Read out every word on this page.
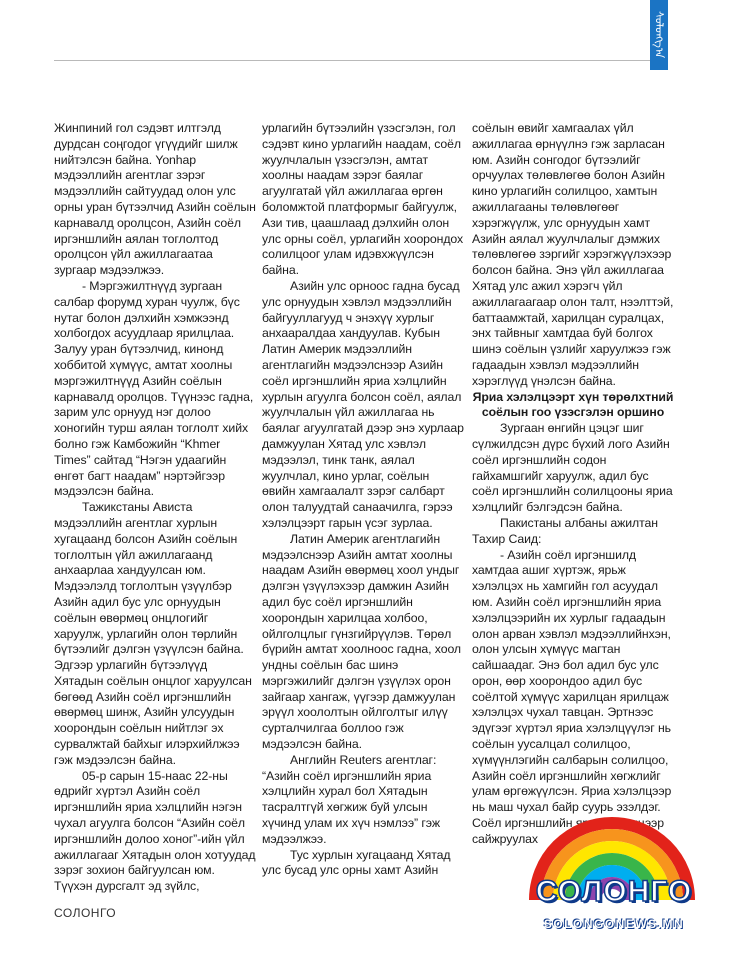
ᠰᠣᠯᠣᠩᠭ᠎ᠠ

Жинпиний гол сэдэвт илтгэлд дурдсан соңгодог үгүүдийг шилж нийтэлсэн байна. Yonhap мэдээллийн агентлаг зэрэг мэдээллийн сайтуудад олон улс орны уран бүтээлчид Азийн соёлын карнавалд оролцсон, Азийн соёл иргэншлийн аялан тоглолтод оролцсон үйл ажиллагаатаа зургаар мэдээлжээ.

- Мэргэжилтнүүд зургаан салбар форумд хуран чуулж, бүс нутаг болон дэлхийн хэмжээнд холбогдох асуудлаар ярилцлаа. Залуу уран бүтээлчид, кинонд хоббитой хүмүүс, амтат хоолны мэргэжилтнүүд Азийн соёлын карнавалд оролцов. Түүнээс гадна, зарим улс орнууд нэг долоо хоногийн турш аялан тоглолт хийх болно гэж Камбожийн “Khmer Times” сайтад “Нэгэн удаагийн өнгөт багт наадам” нэртэйгээр мэдээлсэн байна.

Тажикстаны Ависта мэдээллийн агентлаг хурлын хугацаанд болсон Азийн соёлын тоглолтын үйл ажиллагаанд анхаарлаа хандуулсан юм. Мэдээлэлд тоглолтын үзүүлбэр Азийн адил бус улс орнуудын соёлын өвөрмөц онцлогийг харуулж, урлагийн олон төрлийн бүтээлийг дэлгэн үзүүлсэн байна. Эдгээр урлагийн бүтээлүүд Хятадын соёлын онцлог харуулсан бөгөөд Азийн соёл иргэншлийн өвөрмөц шинж, Азийн улсуудын хоорондын соёлын нийтлэг эх сурвалжтай байхыг илэрхийлжээ гэж мэдээлсэн байна.

05-р сарын 15-наас 22-ны өдрийг хүртэл Азийн соёл иргэншлийн яриа хэлцлийн нэгэн чухал агуулга болсон “Азийн соёл иргэншлийн долоо хоног”-ийн үйл ажиллагааг Хятадын олон хотуудад зэрэг зохион байгуулсан юм. Түүхэн дурсгалт эд зүйлс,

урлагийн бүтээлийн үзэсгэлэн, гол сэдэвт кино урлагийн наадам, соёл жуулчлалын үзэсгэлэн, амтат хоолны наадам зэрэг баялаг агуулгатай үйл ажиллагаа өргөн боломжтой платформыг байгуулж, Ази тив, цаашлаад дэлхийн олон улс орны соёл, урлагийн хоорондох солилцоог улам идэвхжүүлсэн байна.

Азийн улс орноос гадна бусад улс орнуудын хэвлэл мэдээллийн байгууллагууд ч энэхүү хурлыг анхааралдаа хандуулав. Кубын Латин Америк мэдээллийн агентлагийн мэдээлснээр Азийн соёл иргэншлийн яриа хэлцлийн хурлын агуулга болсон соёл, аялал жуулчлалын үйл ажиллагаа нь баялаг агуулгатай дээр энэ хурлаар дамжуулан Хятад улс хэвлэл мэдээлэл, тинк танк, аялал жуулчлал, кино урлаг, соёлын өвийн хамгаалалт зэрэг салбарт олон талуудтай санаачилга, гэрээ хэлэлцээрт гарын үсэг зурлаа.

Латин Америк агентлагийн мэдээлснээр Азийн амтат хоолны наадам Азийн өвөрмөц хоол ундыг дэлгэн үзүүлэхээр дамжин Азийн адил бус соёл иргэншлийн хоорондын харилцаа холбоо, ойлголцлыг гүнзгийрүүлэв. Төрөл бүрийн амтат хоолноос гадна, хоол ундны соёлын бас шинэ мэргэжилийг дэлгэн үзүүлэх орон зайгаар хангаж, үүгээр дамжуулан эрүүл хоололтын ойлголтыг илүү сурталчилгаа боллоо гэж мэдээлсэн байна.

Английн Reuters агентлаг: “Азийн соёл иргэншлийн яриа хэлцлийн хурал бол Хятадын тасралтгүй хөгжиж буй улсын хүчинд улам их хүч нэмлээ” гэж мэдээлжээ.

Тус хурлын хугацаанд Хятад улс бусад улс орны хамт Азийн

соёлын өвийг хамгаалах үйл ажиллагаа өрнүүлнэ гэж зарласан юм. Азийн сонгодог бүтээлийг орчуулах төлөвлөгөө болон Азийн кино урлагийн солилцоо, хамтын ажиллагааны төлөвлөгөөг хэрэгжүүлж, улс орнуудын хамт Азийн аялал жуулчлалыг дэмжих төлөвлөгөө зэргийг хэрэгжүүлэхээр болсон байна. Энэ үйл ажиллагаа Хятад улс ажил хэрэгч үйл ажиллагаагаар олон талт, нээлттэй, баттаамжтай, харилцан суралцах, энх тайвныг хамтдаа буй болгох шинэ соёлын үзлийг харуулжээ гэж гадаадын хэвлэл мэдээллийн хэрэглүүд үнэлсэн байна.

Яриа хэлэлцээрт хүн төрөлхтний соёлын гоо үзэсгэлэн оршино

Зургаан өнгийн цэцэг шиг сүлжилдсэн дүрс бүхий лого Азийн соёл иргэншлийн содон гайхамшгийг харуулж, адил бус соёл иргэншлийн солилцооны яриа хэлцлийг бэлгэдсэн байна.

Пакистаны албаны ажилтан Тахир Саид:

- Азийн соёл иргэншилд хамтдаа ашиг хүртэж, ярьж хэлэлцэх нь хамгийн гол асуудал юм. Азийн соёл иргэншлийн яриа хэлэлцээрийн их хурлыг гадаадын олон арван хэвлэл мэдээллийнхэн, олон улсын хүмүүс магтан сайшаадаг. Энэ бол адил бус улс орон, өөр хоорондоо адил бус соёлтой хүмүүс харилцан ярилцаж хэлэлцэх чухал тавцан. Эртнээс эдүгээг хүртэл яриа хэлэлцүүлэг нь соёлын уусалцал солилцоо, хүмүүнлэгийн салбарын солилцоо, Азийн соёл иргэншлийн хөгжлийг улам өргөжүүлсэн. Яриа хэлэлцээр нь маш чухал байр суурь эзэлдэг. Соёл иргэншлийн яриа хэлэлцээр сайжруулах

СОЛОНГО
СОЛОНГО
SOLONGONEWS.MN
